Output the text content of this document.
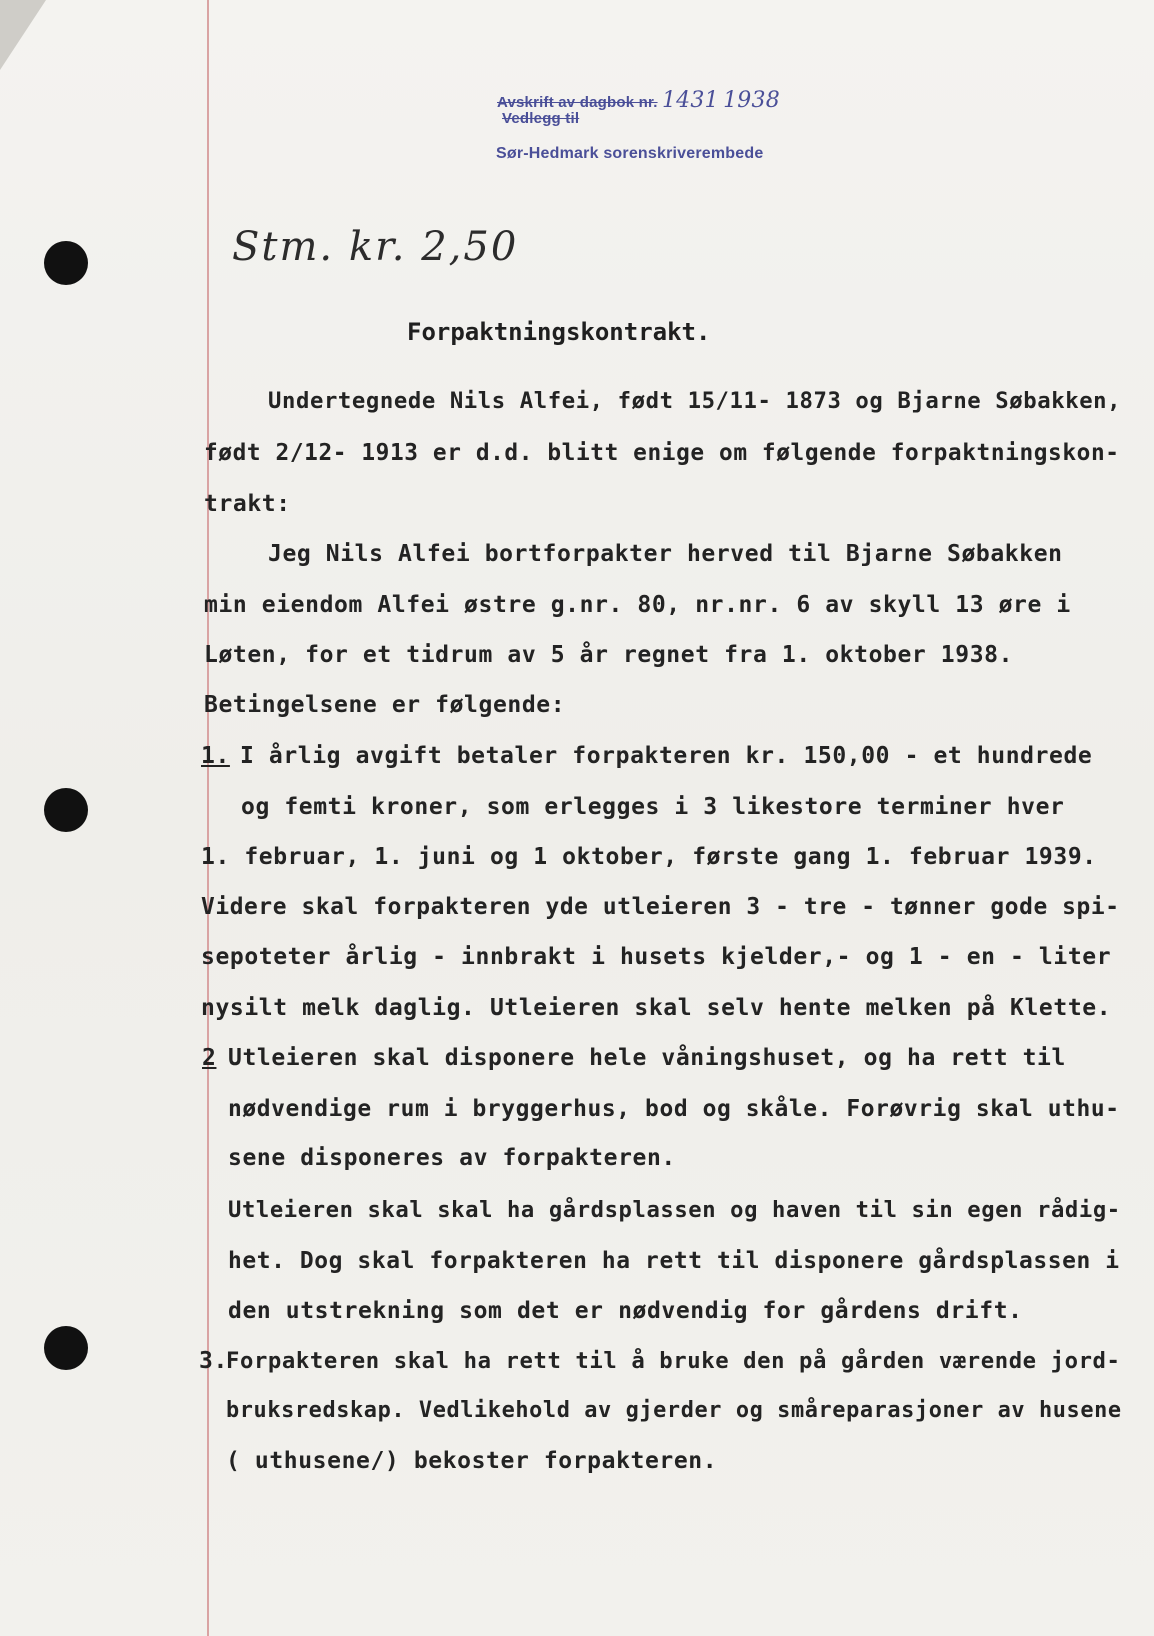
Avskrift av dagbok nr. 1431 1938
Vedlegg til
Sør-Hedmark sorenskriverembede
Stm. kr. 2,50
Forpaktningskontrakt.
Undertegnede Nils Alfei, født 15/11- 1873 og Bjarne Søbakken,
født 2/12- 1913 er d.d. blitt enige om følgende forpaktningskon-
trakt:
Jeg Nils Alfei bortforpakter herved til Bjarne Søbakken
min eiendom Alfei østre g.nr. 80, nr.nr. 6 av skyll 13 øre i
Løten, for et tidrum av 5 år regnet fra 1. oktober 1938.
Betingelsene er følgende:
1. I årlig avgift betaler forpakteren kr. 150,00 - et hundrede
og femti kroner, som erlegges i 3 likestore terminer hver
1. februar, 1. juni og 1 oktober, første gang 1. februar 1939.
Videre skal forpakteren yde utleieren 3 - tre - tønner gode spi-
sepoteter årlig - innbrakt i husets kjelder,- og 1 - en - liter
nysilt melk daglig. Utleieren skal selv hente melken på Klette.
2 Utleieren skal disponere hele våningshuset, og ha rett til
nødvendige rum i bryggerhus, bod og skåle. Forøvrig skal uthu-
sene disponeres av forpakteren.
Utleieren skal skal ha gårdsplassen og haven til sin egen rådig-
het. Dog skal forpakteren ha rett til disponere gårdsplassen i
den utstrekning som det er nødvendig for gårdens drift.
3.
Forpakteren skal ha rett til å bruke den på gården værende jord-
bruksredskap. Vedlikehold av gjerder og småreparasjoner av husene
( uthusene/) bekoster forpakteren.
